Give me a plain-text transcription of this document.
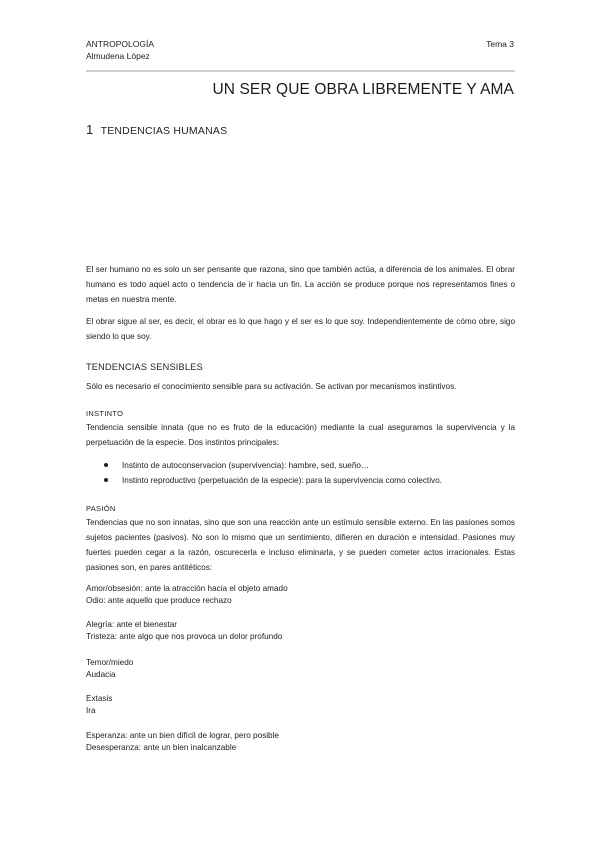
ANTROPOLOGÍA
Almudena López
Tema 3
UN SER QUE OBRA LIBREMENTE Y AMA
1 TENDENCIAS HUMANAS

El ser humano no es solo un ser pensante que razona, sino que también actúa, a diferencia de los animales. El obrar humano es todo aquel acto o tendencia de ir hacia un fin. La acción se produce porque nos representamos fines o metas en nuestra mente.

El obrar sigue al ser, es decir, el obrar es lo que hago y el ser es lo que soy. Independientemente de cómo obre, sigo siendo lo que soy.

TENDENCIAS SENSIBLES

Sólo es necesario el conocimiento sensible para su activación. Se activan por mecanismos instintivos.

INSTINTO

Tendencia sensible innata (que no es fruto de la educación) mediante la cual aseguramos la supervivencia y la perpetuación de la especie. Dos instintos principales:

Instinto de autoconservacion (supervivencia): hambre, sed, sueño…
Instinto reproductivo (perpetuación de la especie): para la supervivencia como colectivo.
PASIÓN

Tendencias que no son innatas, sino que son una reacción ante un estímulo sensible externo. En las pasiones somos sujetos pacientes (pasivos). No son lo mismo que un sentimiento, difieren en duración e intensidad. Pasiones muy fuertes pueden cegar a la razón, oscurecerla e incluso eliminarla, y se pueden cometer actos irracionales. Estas pasiones son, en pares antitéticos:

Amor/obsesión: ante la atracción hacia el objeto amado
Odio: ante aquello que produce rechazo
Alegría: ante el bienestar
Tristeza: ante algo que nos provoca un dolor profundo
Temor/miedo
Audacia
Extasis
Ira
Esperanza: ante un bien difícil de lograr, pero posible
Desesperanza: ante un bien inalcanzable
